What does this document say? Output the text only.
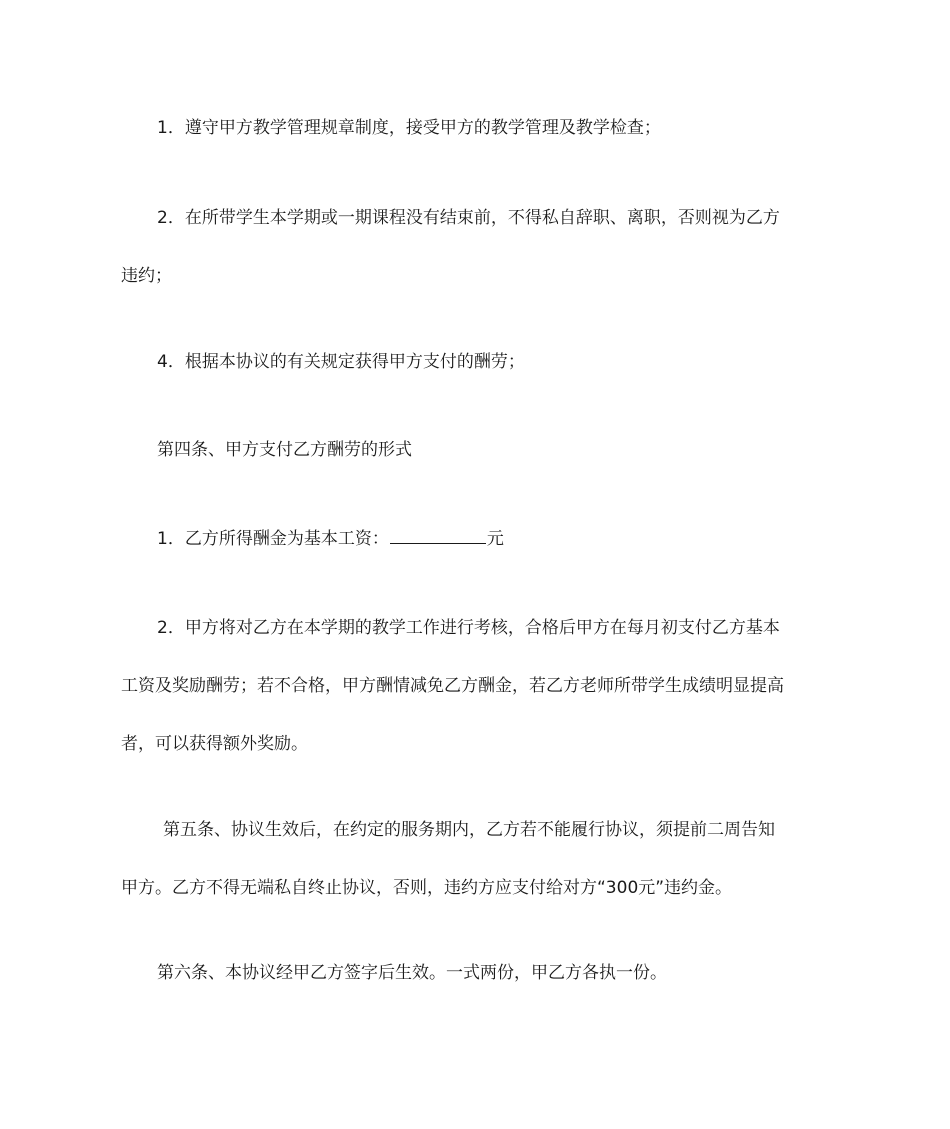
1．遵守甲方教学管理规章制度，接受甲方的教学管理及教学检查；
2．在所带学生本学期或一期课程没有结束前，不得私自辞职、离职，否则视为乙方
违约；
4．根据本协议的有关规定获得甲方支付的酬劳；
第四条、甲方支付乙方酬劳的形式
1．乙方所得酬金为基本工资：	元
2．甲方将对乙方在本学期的教学工作进行考核，合格后甲方在每月初支付乙方基本
工资及奖励酬劳；若不合格，甲方酬情减免乙方酬金，若乙方老师所带学生成绩明显提高
者，可以获得额外奖励。
第五条、协议生效后，在约定的服务期内，乙方若不能履行协议，须提前二周告知
甲方。乙方不得无端私自终止协议，否则，违约方应支付给对方“300元”违约金。
第六条、本协议经甲乙方签字后生效。一式两份，甲乙方各执一份。
